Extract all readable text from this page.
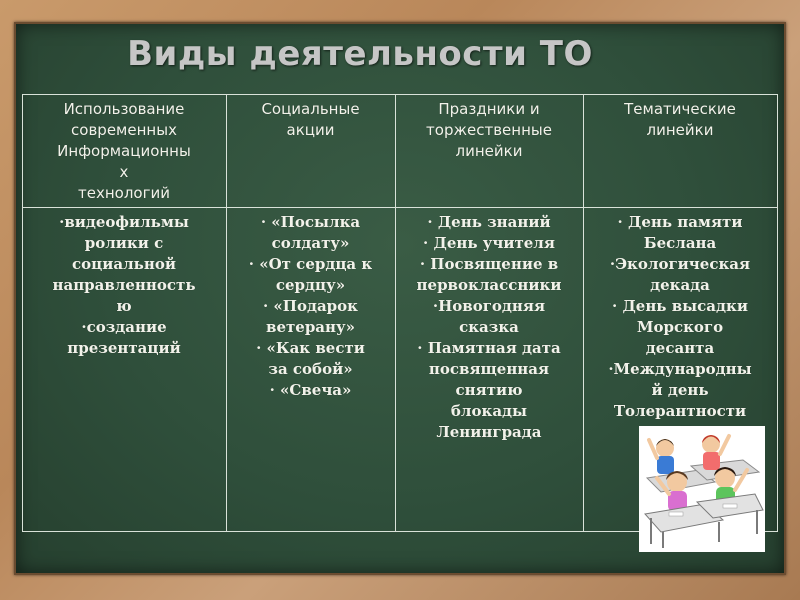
Виды деятельности ТО
Использование
современных
Информационны
х
технологий
Социальные
акции
Праздники и
торжественные
линейки
Тематические
линейки
·видеофильмы
ролики с
социальной
направленность
ю
·создание
презентаций
· «Посылка
солдату»
· «От сердца к
сердцу»
· «Подарок
ветерану»
· «Как вести
за собой»
· «Свеча»
· День знаний
· День учителя
· Посвящение в
первоклассники
·Новогодняя
сказка
· Памятная дата
посвященная
снятию
блокады
Ленинграда
· День памяти
Беслана
·Экологическая
декада
· День высадки
Морского
десанта
·Международны
й день
Толерантности
